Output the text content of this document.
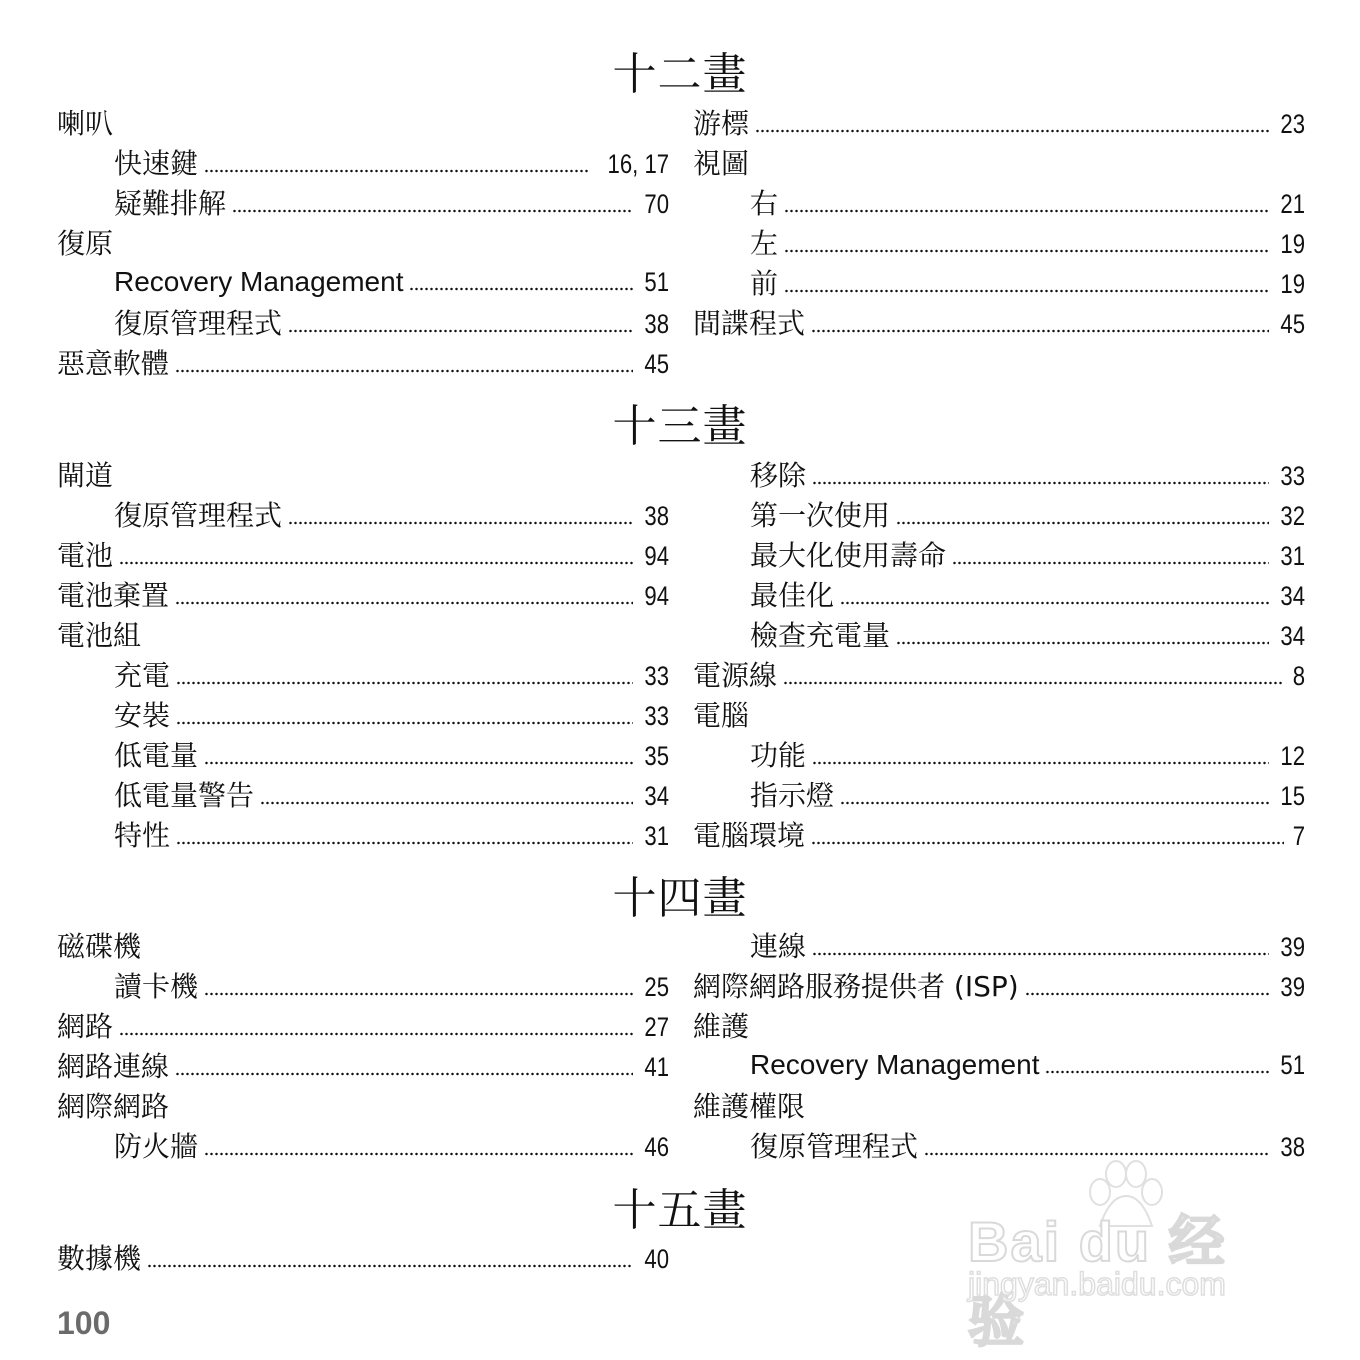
十二畫
喇叭
快速鍵	16, 17
疑難排解	70
復原
Recovery Management	51
復原管理程式	38
惡意軟體	45
游標	23
視圖
右	21
左	19
前	19
間諜程式	45
十三畫
閘道
復原管理程式	38
電池	94
電池棄置	94
電池組
充電	33
安裝	33
低電量	35
低電量警告	34
特性	31
移除	33
第一次使用	32
最大化使用壽命	31
最佳化	34
檢查充電量	34
電源線	8
電腦
功能	12
指示燈	15
電腦環境	7
十四畫
磁碟機
讀卡機	25
網路	27
網路連線	41
網際網路
防火牆	46
連線	39
網際網路服務提供者 (ISP)	39
維護
Recovery Management	51
維護權限
復原管理程式	38
十五畫
數據機	40
100
Bai du 经验
jingyan.baidu.com
